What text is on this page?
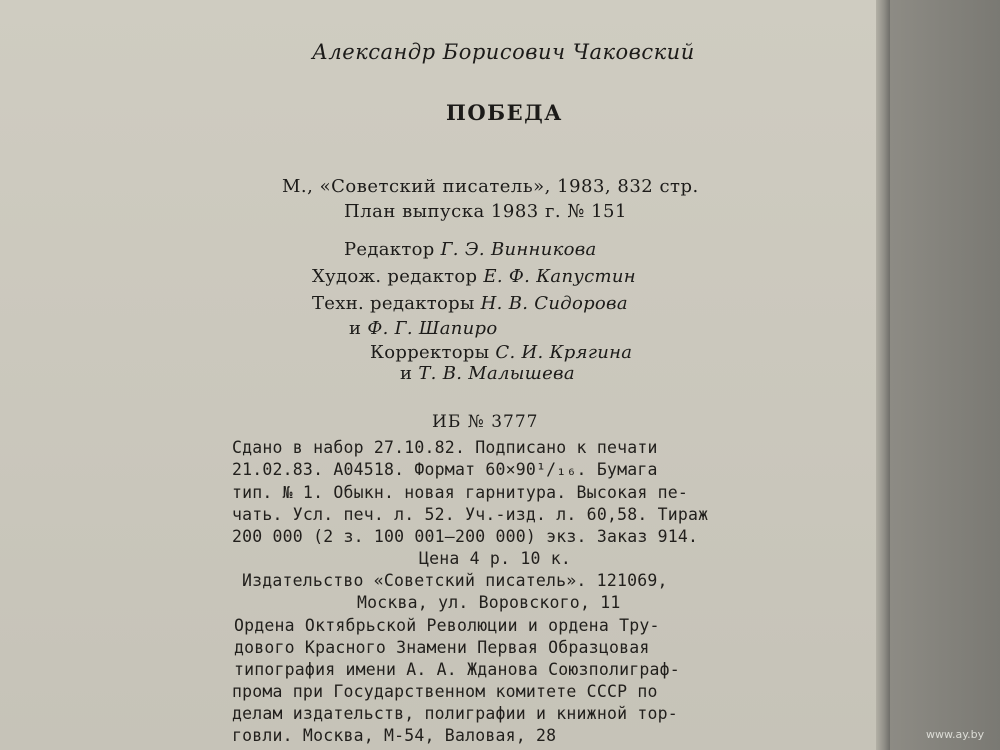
Александр Борисович Чаковский
ПОБЕДА
М., «Советский писатель», 1983, 832 стр.
План выпуска 1983 г. № 151
Редактор Г. Э. Винникова
Худож. редактор Е. Ф. Капустин
Техн. редакторы Н. В. Сидорова
и Ф. Г. Шапиро
Корректоры С. И. Крягина
и Т. В. Малышева
ИБ № 3777
Сдано в набор 27.10.82. Подписано к печати
21.02.83. А04518. Формат 60×90¹/₁₆. Бумага
тип. № 1. Обыкн. новая гарнитура. Высокая пе-
чать. Усл. печ. л. 52. Уч.-изд. л. 60,58. Тираж
200 000 (2 з. 100 001—200 000) экз. Заказ 914.
Цена 4 р. 10 к.
Издательство «Советский писатель». 121069,
Москва, ул. Воровского, 11
Ордена Октябрьской Революции и ордена Тру-
дового Красного Знамени Первая Образцовая
типография имени А. А. Жданова Союзполиграф-
прома при Государственном комитете СССР по
делам издательств, полиграфии и книжной тор-
говли. Москва, М-54, Валовая, 28	www.ay.by
